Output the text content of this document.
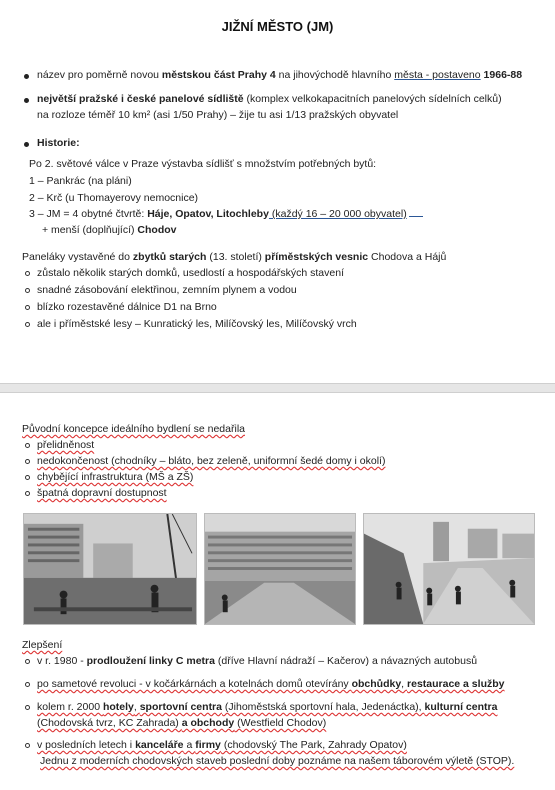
JIŽNÍ MĚSTO (JM)
název pro poměrně novou městskou část Prahy 4 na jihovýchodě hlavního města - postaveno 1966-88
největší pražské i české panelové sídliště (komplex velkokapacitních panelových sídelních celků)
na rozloze téměř 10 km² (asi 1/50 Prahy) – žije tu asi 1/13 pražských obyvatel
Historie:
Po 2. světové válce v Praze výstavba sídlišť s množstvím potřebných bytů:
1 – Pankrác (na pláni)
2 – Krč (u Thomayerovy nemocnice)
3 – JM = 4 obytné čtvrtě: Háje, Opatov, Litochleby (každý 16 – 20 000 obyvatel)
+ menší (doplňující) Chodov
Paneláky vystavěné do zbytků starých (13. století) příměstských vesnic Chodova a Hájů
zůstalo několik starých domků, usedlostí a hospodářských stavení
snadné zásobování elektřinou, zemním plynem a vodou
blízko rozestavěné dálnice D1 na Brno
ale i příměstské lesy – Kunratický les, Milíčovský les, Milíčovský vrch
Původní koncepce ideálního bydlení se nedařila
přelidněnost
nedokončenost (chodníky – bláto, bez zeleně, uniformní šedé domy i okolí)
chybějící infrastruktura (MŠ a ZŠ)
špatná dopravní dostupnost
Zlepšení
v r. 1980 - prodloužení linky C metra (dříve Hlavní nádraží – Kačerov) a návazných autobusů
po sametové revoluci - v kočárkárnách a kotelnách domů otevírány obchůdky, restaurace a služby
kolem r. 2000 hotely, sportovní centra (Jihoměstská sportovní hala, Jedenáctka), kulturní centra
(Chodovská tvrz, KC Zahrada) a obchody (Westfield Chodov)
v posledních letech i kanceláře a firmy (chodovský The Park, Zahrady Opatov)
Jednu z moderních chodovských staveb poslední doby poznáme na našem táborovém výletě (STOP).
